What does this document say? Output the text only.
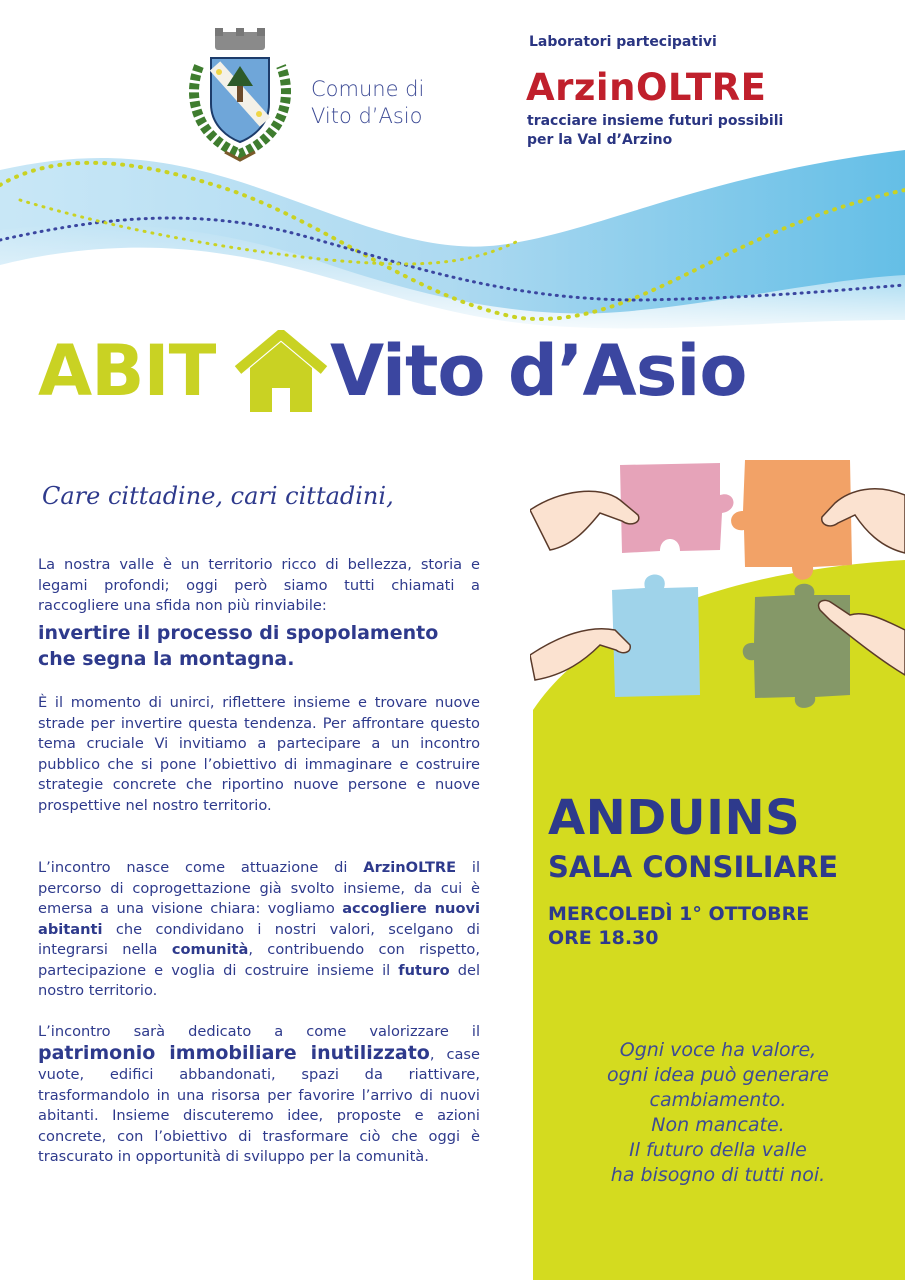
Comune di
Vito d’Asio
Laboratori partecipativi
ArzinOLTRE
tracciare insieme futuri possibili
per la Val d’Arzino
ABIT Vito d’Asio
Care cittadine, cari cittadini,

La nostra valle è un territorio ricco di bellezza, storia e legami profondi; oggi però siamo tutti chiamati a raccogliere una sfida non più rinviabile:

invertire il processo di spopolamento
che segna la montagna.

È il momento di unirci, riflettere insieme e trovare nuove strade per invertire questa tendenza. Per affrontare questo tema cruciale Vi invitiamo a partecipare a un incontro pubblico che si pone l’obiettivo di immaginare e costruire strategie concrete che riportino nuove persone e nuove prospettive nel nostro territorio.

L’incontro nasce come attuazione di ArzinOLTRE il percorso di coprogettazione già svolto insieme, da cui è emersa a una visione chiara: vogliamo accogliere nuovi abitanti che condividano i nostri valori, scelgano di integrarsi nella comunità, contribuendo con rispetto, partecipazione e voglia di costruire insieme il futuro del nostro territorio.

L’incontro sarà dedicato a come valorizzare il patrimonio immobiliare inutilizzato, case vuote, edifici abbandonati, spazi da riattivare, trasformandolo in una risorsa per favorire l’arrivo di nuovi abitanti. Insieme discuteremo idee, proposte e azioni concrete, con l’obiettivo di trasformare ciò che oggi è trascurato in opportunità di sviluppo per la comunità.

ANDUINS
SALA CONSILIARE
MERCOLEDÌ 1° OTTOBRE
ORE 18.30
Ogni voce ha valore,
ogni idea può generare
cambiamento.
Non mancate.
Il futuro della valle
ha bisogno di tutti noi.
